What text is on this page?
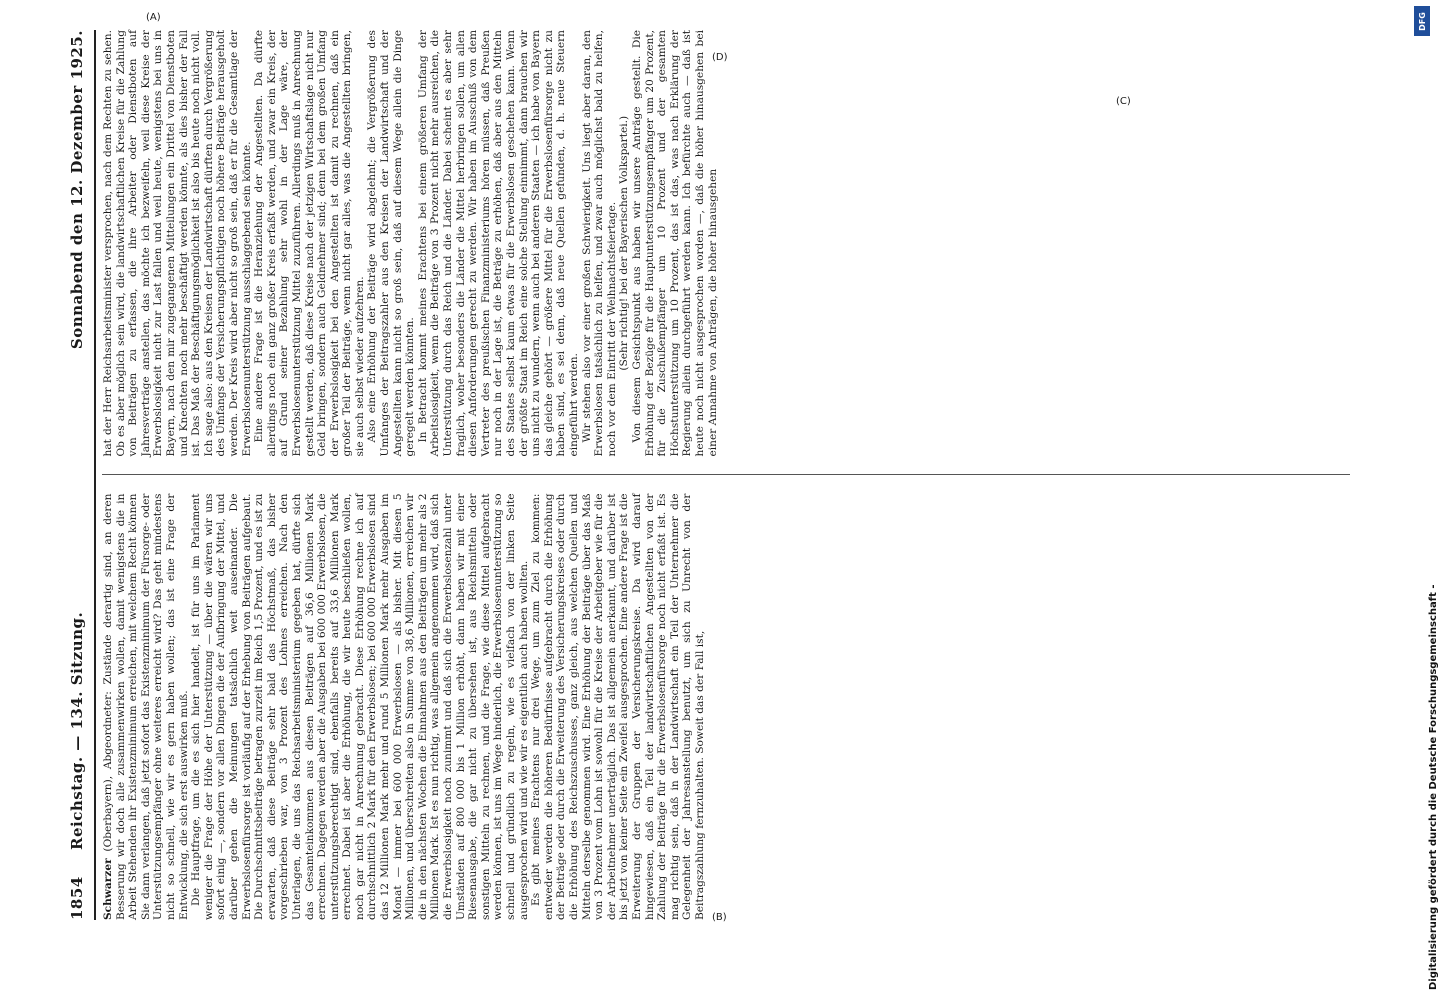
1854
Reichstag. — 134. Sitzung.
Sonnabend den 12. Dezember 1925.

Schwarzer (Oberbayern), Abgeordneter: Zustände derartig sind, an deren Besserung wir doch alle zusammenwirken wollen, damit wenigstens die in Arbeit Stehenden ihr Existenzminimum erreichen, mit welchem Recht können Sie dann verlangen, daß jetzt sofort das Existenzminimum der Fürsorge- oder Unterstützungsempfänger ohne weiteres erreicht wird? Das geht mindestens nicht so schnell, wie wir es gern haben wollen; das ist eine Frage der Entwicklung, die sich erst auswirken muß. Die Hauptfrage, um die es sich hier handelt, ist für uns im Parlament weniger die Frage der Höhe der Unterstützung — über die wären wir uns sofort einig —, sondern vor allen Dingen die der Aufbringung der Mittel, und darüber gehen die Meinungen tatsächlich weit auseinander. Die Erwerbslosenfürsorge ist vorläufig auf der Erhebung von Beiträgen aufgebaut. Die Durchschnittsbeiträge betragen zurzeit im Reich 1,5 Prozent, und es ist zu erwarten, daß diese Beiträge sehr bald das Höchstmaß, das bisher vorgeschrieben war, von 3 Prozent des Lohnes erreichen. Nach den Unterlagen, die uns das Reichsarbeitsministerium gegeben hat, dürfte sich das Gesamteinkommen aus diesen Beiträgen auf 36,6 Millionen Mark errechnen. Dagegen werden aber die Ausgaben bei 600 000 Erwerbslosen, die unterstützungsberechtigt sind, ebenfalls bereits auf 33,6 Millionen Mark errechnet. Dabei ist aber die Erhöhung, die wir heute beschließen wollen, noch gar nicht in Anrechnung gebracht. Diese Erhöhung rechne ich auf durchschnittlich 2 Mark für den Erwerbslosen; bei 600 000 Erwerbslosen sind das 12 Millionen Mark mehr und rund 5 Millionen Mark mehr Ausgaben im Monat — immer bei 600 000 Erwerbslosen — als bisher. Mit diesen 5 Millionen, und überschreiten also in Summe von 38,6 Millionen, erreichen wir die in den nächsten Wochen die Einnahmen aus den Beiträgen um mehr als 2 Millionen Mark. Ist es nun richtig, was allgemein angenommen wird, daß sich die Erwerbslosigkeit noch zunimmt und daß sich die Erwerbslosenzahl unter Umständen auf 800 000 bis 1 Million erhöht, dann haben wir mit einer Riesenausgabe, die gar nicht zu übersehen ist, aus Reichsmitteln oder sonstigen Mitteln zu rechnen, und die Frage, wie diese Mittel aufgebracht werden können, ist uns im Wege hinderlich, die Erwerbslosenunterstützung so schnell und gründlich zu regeln, wie es vielfach von der linken Seite ausgesprochen wird und wie wir es eigentlich auch haben wollten. Es gibt meines Erachtens nur drei Wege, um zum Ziel zu kommen: entweder werden die höheren Bedürfnisse aufgebracht durch die Erhöhung der Beiträge oder durch die Erweiterung des Versicherungskreises oder durch die Erhöhung des Reichszuschusses, ganz gleich, aus welchen Quellen und Mitteln derselbe genommen wird. Eine Erhöhung der Beiträge über das Maß von 3 Prozent vom Lohn ist sowohl für die Kreise der Arbeitgeber wie für die der Arbeitnehmer unerträglich. Das ist allgemein anerkannt, und darüber ist bis jetzt von keiner Seite ein Zweifel ausgesprochen. Eine andere Frage ist die Erweiterung der Gruppen der Versicherungskreise. Da wird darauf hingewiesen, daß ein Teil der landwirtschaftlichen Angestellten von der Zahlung der Beiträge für die Erwerbslosenfürsorge noch nicht erfaßt ist. Es mag richtig sein, daß in der Landwirtschaft ein Teil der Unternehmer die Gelegenheit der Jahresanstellung benutzt, um sich zu Unrecht von der Beitragszahlung fernzuhalten. Soweit das der Fall ist,

hat der Herr Reichsarbeitsminister versprochen, nach dem Rechten zu sehen. Ob es aber möglich sein wird, die landwirtschaftlichen Kreise für die Zahlung von Beiträgen zu erfassen, die ihre Arbeiter oder Dienstboten auf Jahresverträge anstellen, das möchte ich bezweifeln, weil diese Kreise der Erwerbslosigkeit nicht zur Last fallen und weil heute, wenigstens bei uns in Bayern, nach den mir zugegangenen Mitteilungen ein Drittel von Dienstboten und Knechten noch mehr beschäftigt werden könnte, als dies bisher der Fall ist. Das Maß der Beschäftigungsmöglichkeit ist also bis heute noch nicht voll. Ich sage also: aus den Kreisen der Landwirtschaft dürften durch Vergrößerung des Umfangs der Versicherungspflichtigen noch höhere Beiträge herausgeholt werden. Der Kreis wird aber nicht so groß sein, daß er für die Gesamtlage der Erwerbslosenunterstützung ausschlaggebend sein könnte. Eine andere Frage ist die Heranziehung der Angestellten. Da dürfte allerdings noch ein ganz großer Kreis erfaßt werden, und zwar ein Kreis, der auf Grund seiner Bezahlung sehr wohl in der Lage wäre, der Erwerbslosenunterstützung Mittel zuzuführen. Allerdings muß in Anrechnung gestellt werden, daß diese Kreise nach der jetzigen Wirtschaftslage nicht nur Geld bringen, sondern auch Geldnehmer sind; denn bei dem großen Umfang der Erwerbslosigkeit bei den Angestellten ist damit zu rechnen, daß ein großer Teil der Beiträge, wenn nicht gar alles, was die Angestellten bringen, sie auch selbst wieder aufzehren. Also eine Erhöhung der Beiträge wird abgelehnt; die Vergrößerung des Umfanges der Beitragszahler aus den Kreisen der Landwirtschaft und der Angestellten kann nicht so groß sein, daß auf diesem Wege allein die Dinge geregelt werden könnten. In Betracht kommt meines Erachtens bei einem größeren Umfang der Arbeitslosigkeit, wenn die Beiträge von 3 Prozent nicht mehr ausreichen, die Unterstützung durch das Reich und die Länder. Dabei scheint es aber sehr fraglich, woher besonders die Länder die Mittel herbringen sollen, um allen diesen Anforderungen gerecht zu werden. Wir haben im Ausschuß von dem Vertreter des preußischen Finanzministeriums hören müssen, daß Preußen nur noch in der Lage ist, die Beträge zu erhöhen, daß aber aus den Mitteln des Staates selbst kaum etwas für die Erwerbslosen geschehen kann. Wenn der größte Staat im Reich eine solche Stellung einnimmt, dann brauchen wir uns nicht zu wundern, wenn auch bei anderen Staaten — ich habe von Bayern das gleiche gehört — größere Mittel für die Erwerbslosenfürsorge nicht zu haben sind, es sei denn, daß neue Quellen gefunden, d. h. neue Steuern eingeführt werden. Wir stehen also vor einer großen Schwierigkeit. Uns liegt aber daran, den Erwerbslosen tatsächlich zu helfen, und zwar auch möglichst bald zu helfen, noch vor dem Eintritt der Weihnachtsfeiertage. (Sehr richtig! bei der Bayerischen Volkspartei.) Von diesem Gesichtspunkt aus haben wir unsere Anträge gestellt. Die Erhöhung der Bezüge für die Hauptunterstützungsempfänger um 20 Prozent, für die Zuschußempfänger um 10 Prozent und der gesamten Höchstunterstützung um 10 Prozent, das ist das, was nach Erklärung der Regierung allein durchgeführt werden kann. Ich befürchte auch — daß ist heute noch nicht ausgesprochen worden —, daß die höher hinausgehen bei einer Annahme von Anträgen, die höher hinausgehen

(A)
(B)
(D)
(C)
DFG
Digitalisierung gefördert durch die Deutsche Forschungsgemeinschaft -
